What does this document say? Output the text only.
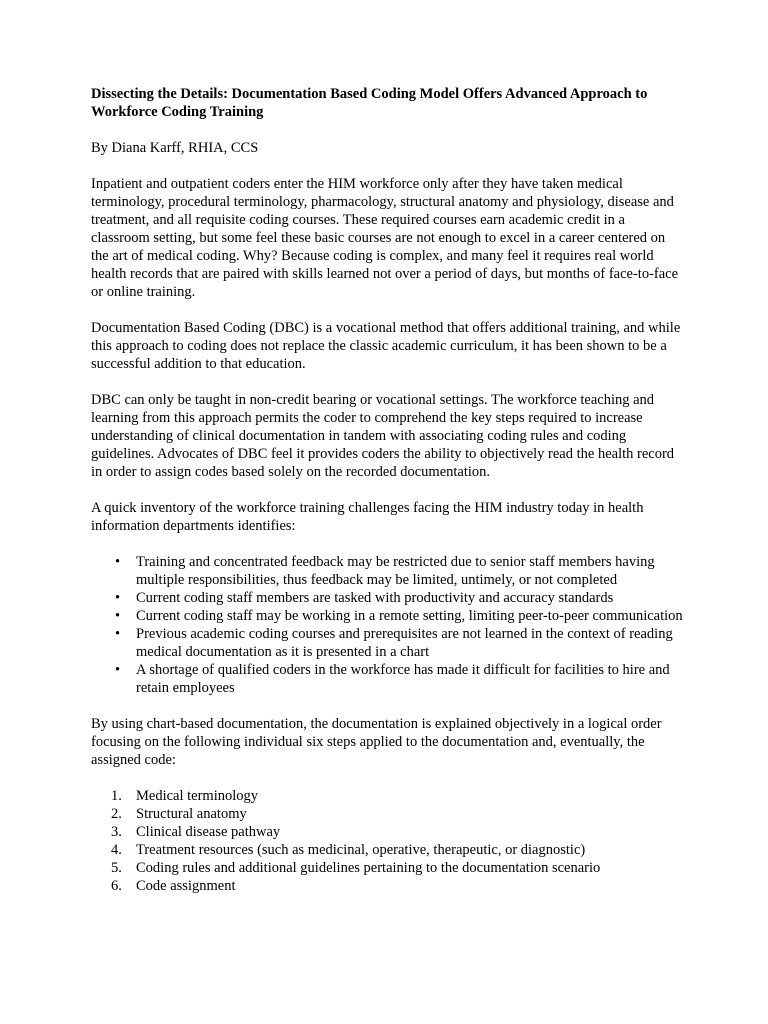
Dissecting the Details: Documentation Based Coding Model Offers Advanced Approach to Workforce Coding Training

By Diana Karff, RHIA, CCS

Inpatient and outpatient coders enter the HIM workforce only after they have taken medical terminology, procedural terminology, pharmacology, structural anatomy and physiology, disease and treatment, and all requisite coding courses. These required courses earn academic credit in a classroom setting, but some feel these basic courses are not enough to excel in a career centered on the art of medical coding. Why? Because coding is complex, and many feel it requires real world health records that are paired with skills learned not over a period of days, but months of face-to-face or online training.

Documentation Based Coding (DBC) is a vocational method that offers additional training, and while this approach to coding does not replace the classic academic curriculum, it has been shown to be a successful addition to that education.

DBC can only be taught in non-credit bearing or vocational settings. The workforce teaching and learning from this approach permits the coder to comprehend the key steps required to increase understanding of clinical documentation in tandem with associating coding rules and coding guidelines. Advocates of DBC feel it provides coders the ability to objectively read the health record in order to assign codes based solely on the recorded documentation.

A quick inventory of the workforce training challenges facing the HIM industry today in health information departments identifies:

• Training and concentrated feedback may be restricted due to senior staff members having multiple responsibilities, thus feedback may be limited, untimely, or not completed
• Current coding staff members are tasked with productivity and accuracy standards
• Current coding staff may be working in a remote setting, limiting peer-to-peer communication
• Previous academic coding courses and prerequisites are not learned in the context of reading medical documentation as it is presented in a chart
• A shortage of qualified coders in the workforce has made it difficult for facilities to hire and retain employees

By using chart-based documentation, the documentation is explained objectively in a logical order focusing on the following individual six steps applied to the documentation and, eventually, the assigned code:

1. Medical terminology
2. Structural anatomy
3. Clinical disease pathway
4. Treatment resources (such as medicinal, operative, therapeutic, or diagnostic)
5. Coding rules and additional guidelines pertaining to the documentation scenario
6. Code assignment
